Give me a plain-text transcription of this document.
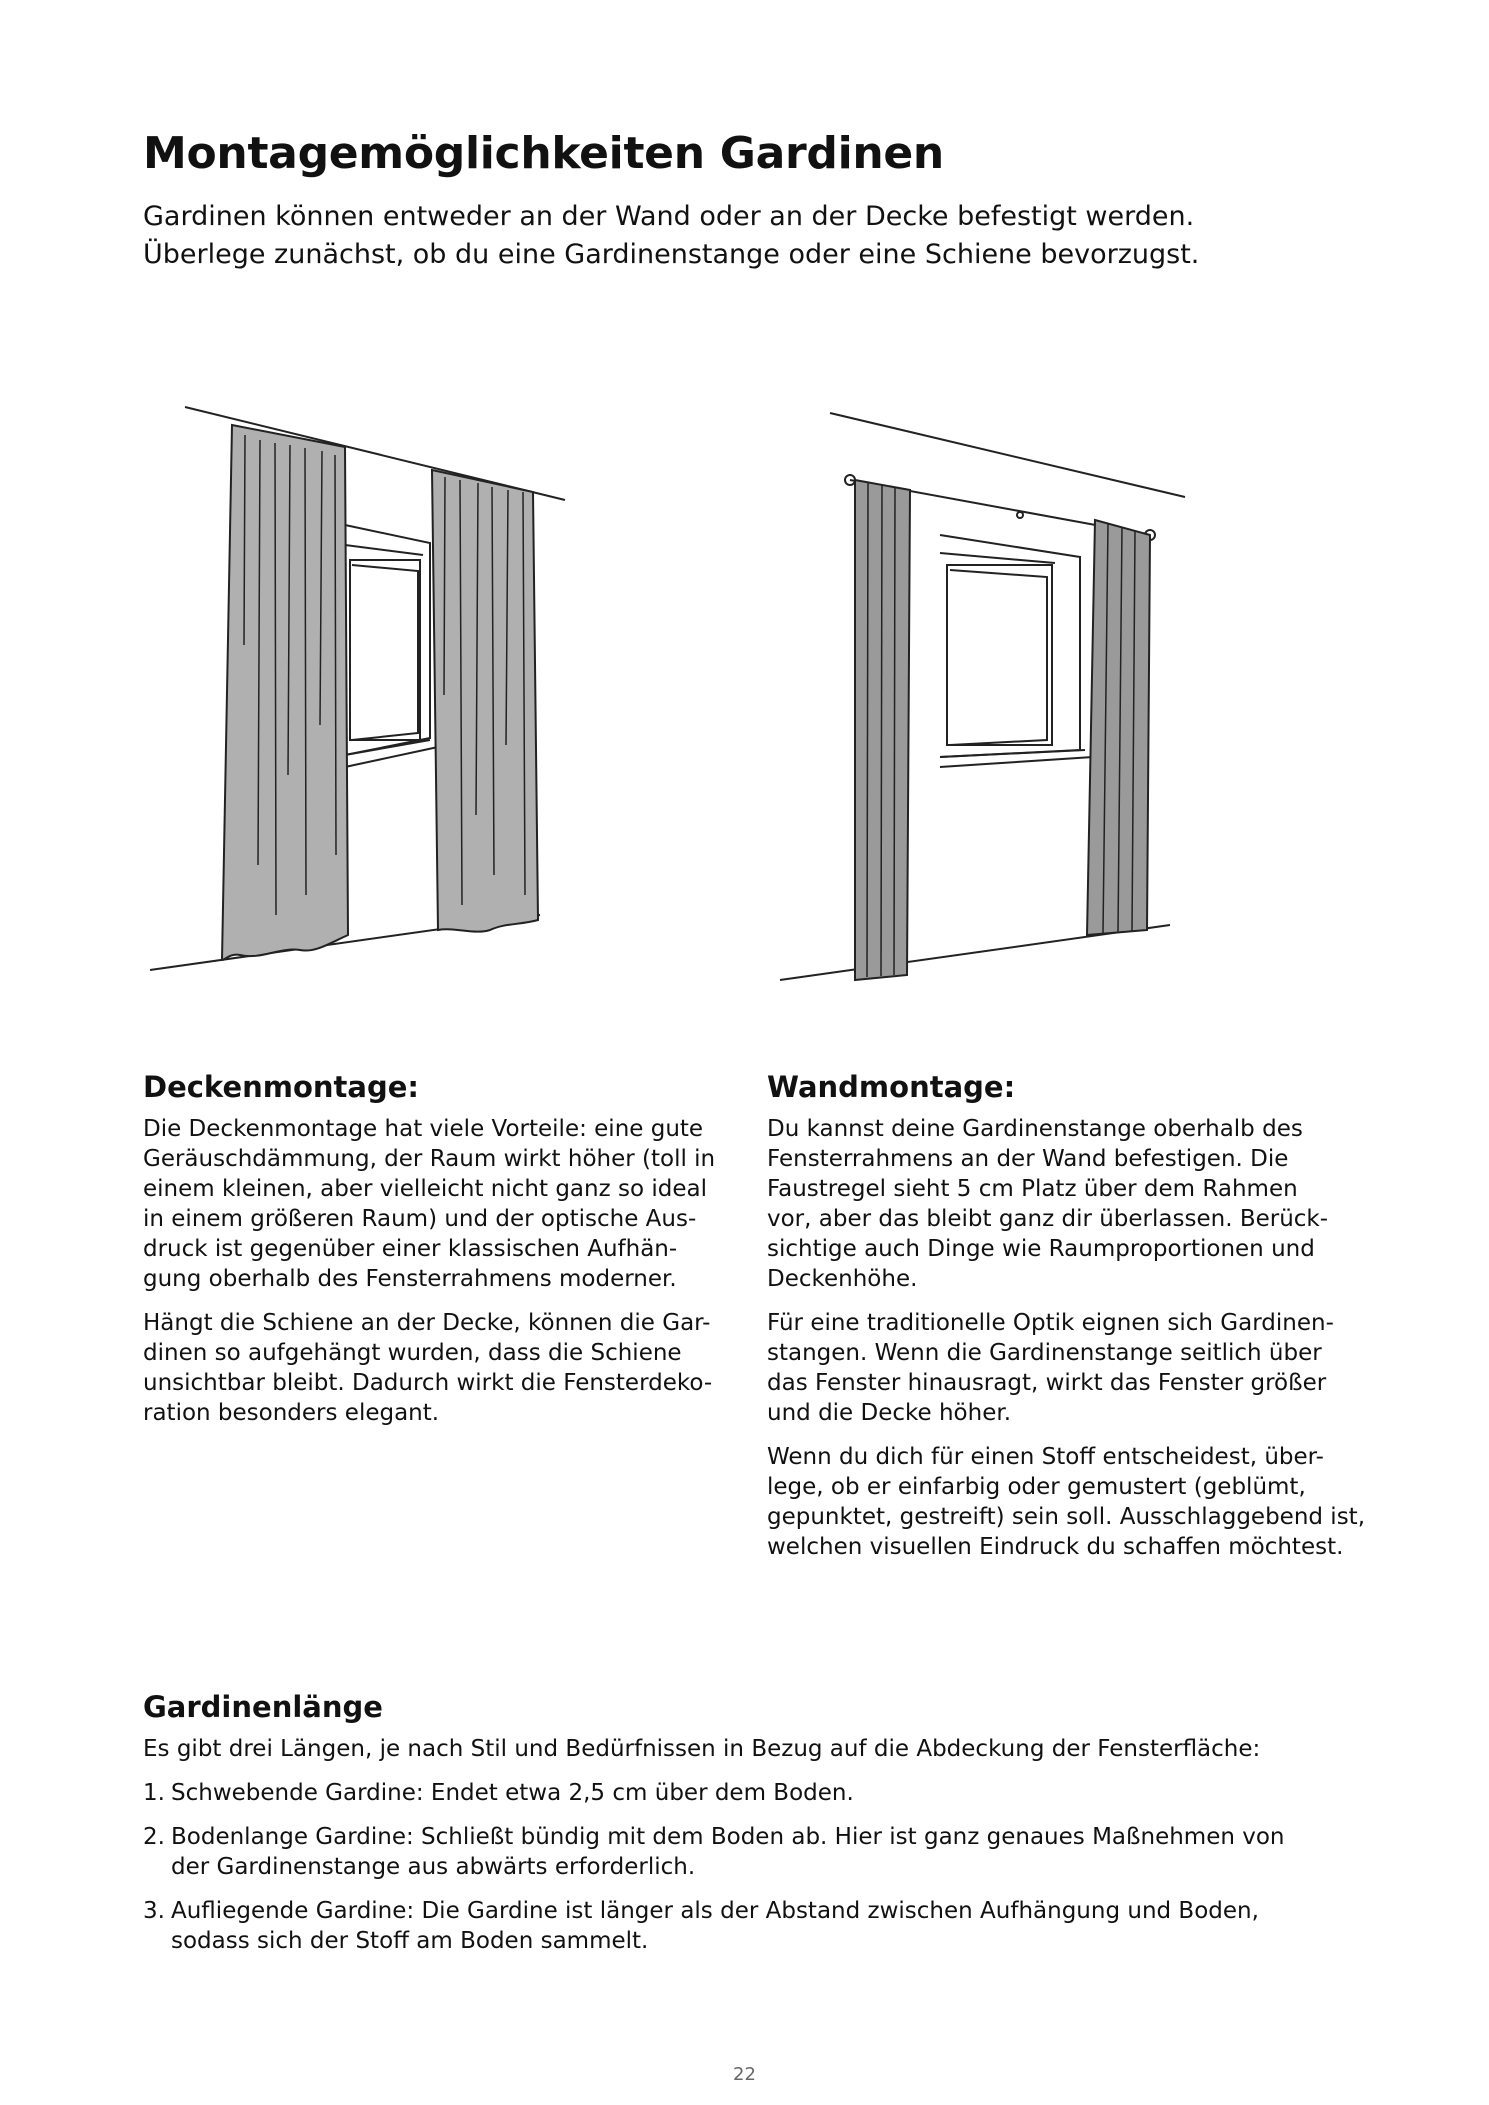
Montagemöglichkeiten Gardinen

Gardinen können entweder an der Wand oder an der Decke befestigt werden.
Überlege zunächst, ob du eine Gardinenstange oder eine Schiene bevorzugst.

Deckenmontage:

Die Deckenmontage hat viele Vorteile: eine gute
Geräuschdämmung, der Raum wirkt höher (toll in
einem kleinen, aber vielleicht nicht ganz so ideal
in einem größeren Raum) und der optische Aus-
druck ist gegenüber einer klassischen Aufhän-
gung oberhalb des Fensterrahmens moderner.

Hängt die Schiene an der Decke, können die Gar-
dinen so aufgehängt wurden, dass die Schiene
unsichtbar bleibt. Dadurch wirkt die Fensterdeko-
ration besonders elegant.

Wandmontage:

Du kannst deine Gardinenstange oberhalb des
Fensterrahmens an der Wand befestigen. Die
Faustregel sieht 5 cm Platz über dem Rahmen
vor, aber das bleibt ganz dir überlassen. Berück-
sichtige auch Dinge wie Raumproportionen und
Deckenhöhe.

Für eine traditionelle Optik eignen sich Gardinen-
stangen. Wenn die Gardinenstange seitlich über
das Fenster hinausragt, wirkt das Fenster größer
und die Decke höher.

Wenn du dich für einen Stoff entscheidest, über-
lege, ob er einfarbig oder gemustert (geblümt,
gepunktet, gestreift) sein soll. Ausschlaggebend ist,
welchen visuellen Eindruck du schaffen möchtest.

Gardinenlänge

Es gibt drei Längen, je nach Stil und Bedürfnissen in Bezug auf die Abdeckung der Fensterfläche:

1. Schwebende Gardine: Endet etwa 2,5 cm über dem Boden.
2. Bodenlange Gardine: Schließt bündig mit dem Boden ab. Hier ist ganz genaues Maßnehmen von
der Gardinenstange aus abwärts erforderlich.
3. Aufliegende Gardine: Die Gardine ist länger als der Abstand zwischen Aufhängung und Boden,
sodass sich der Stoff am Boden sammelt.
22
